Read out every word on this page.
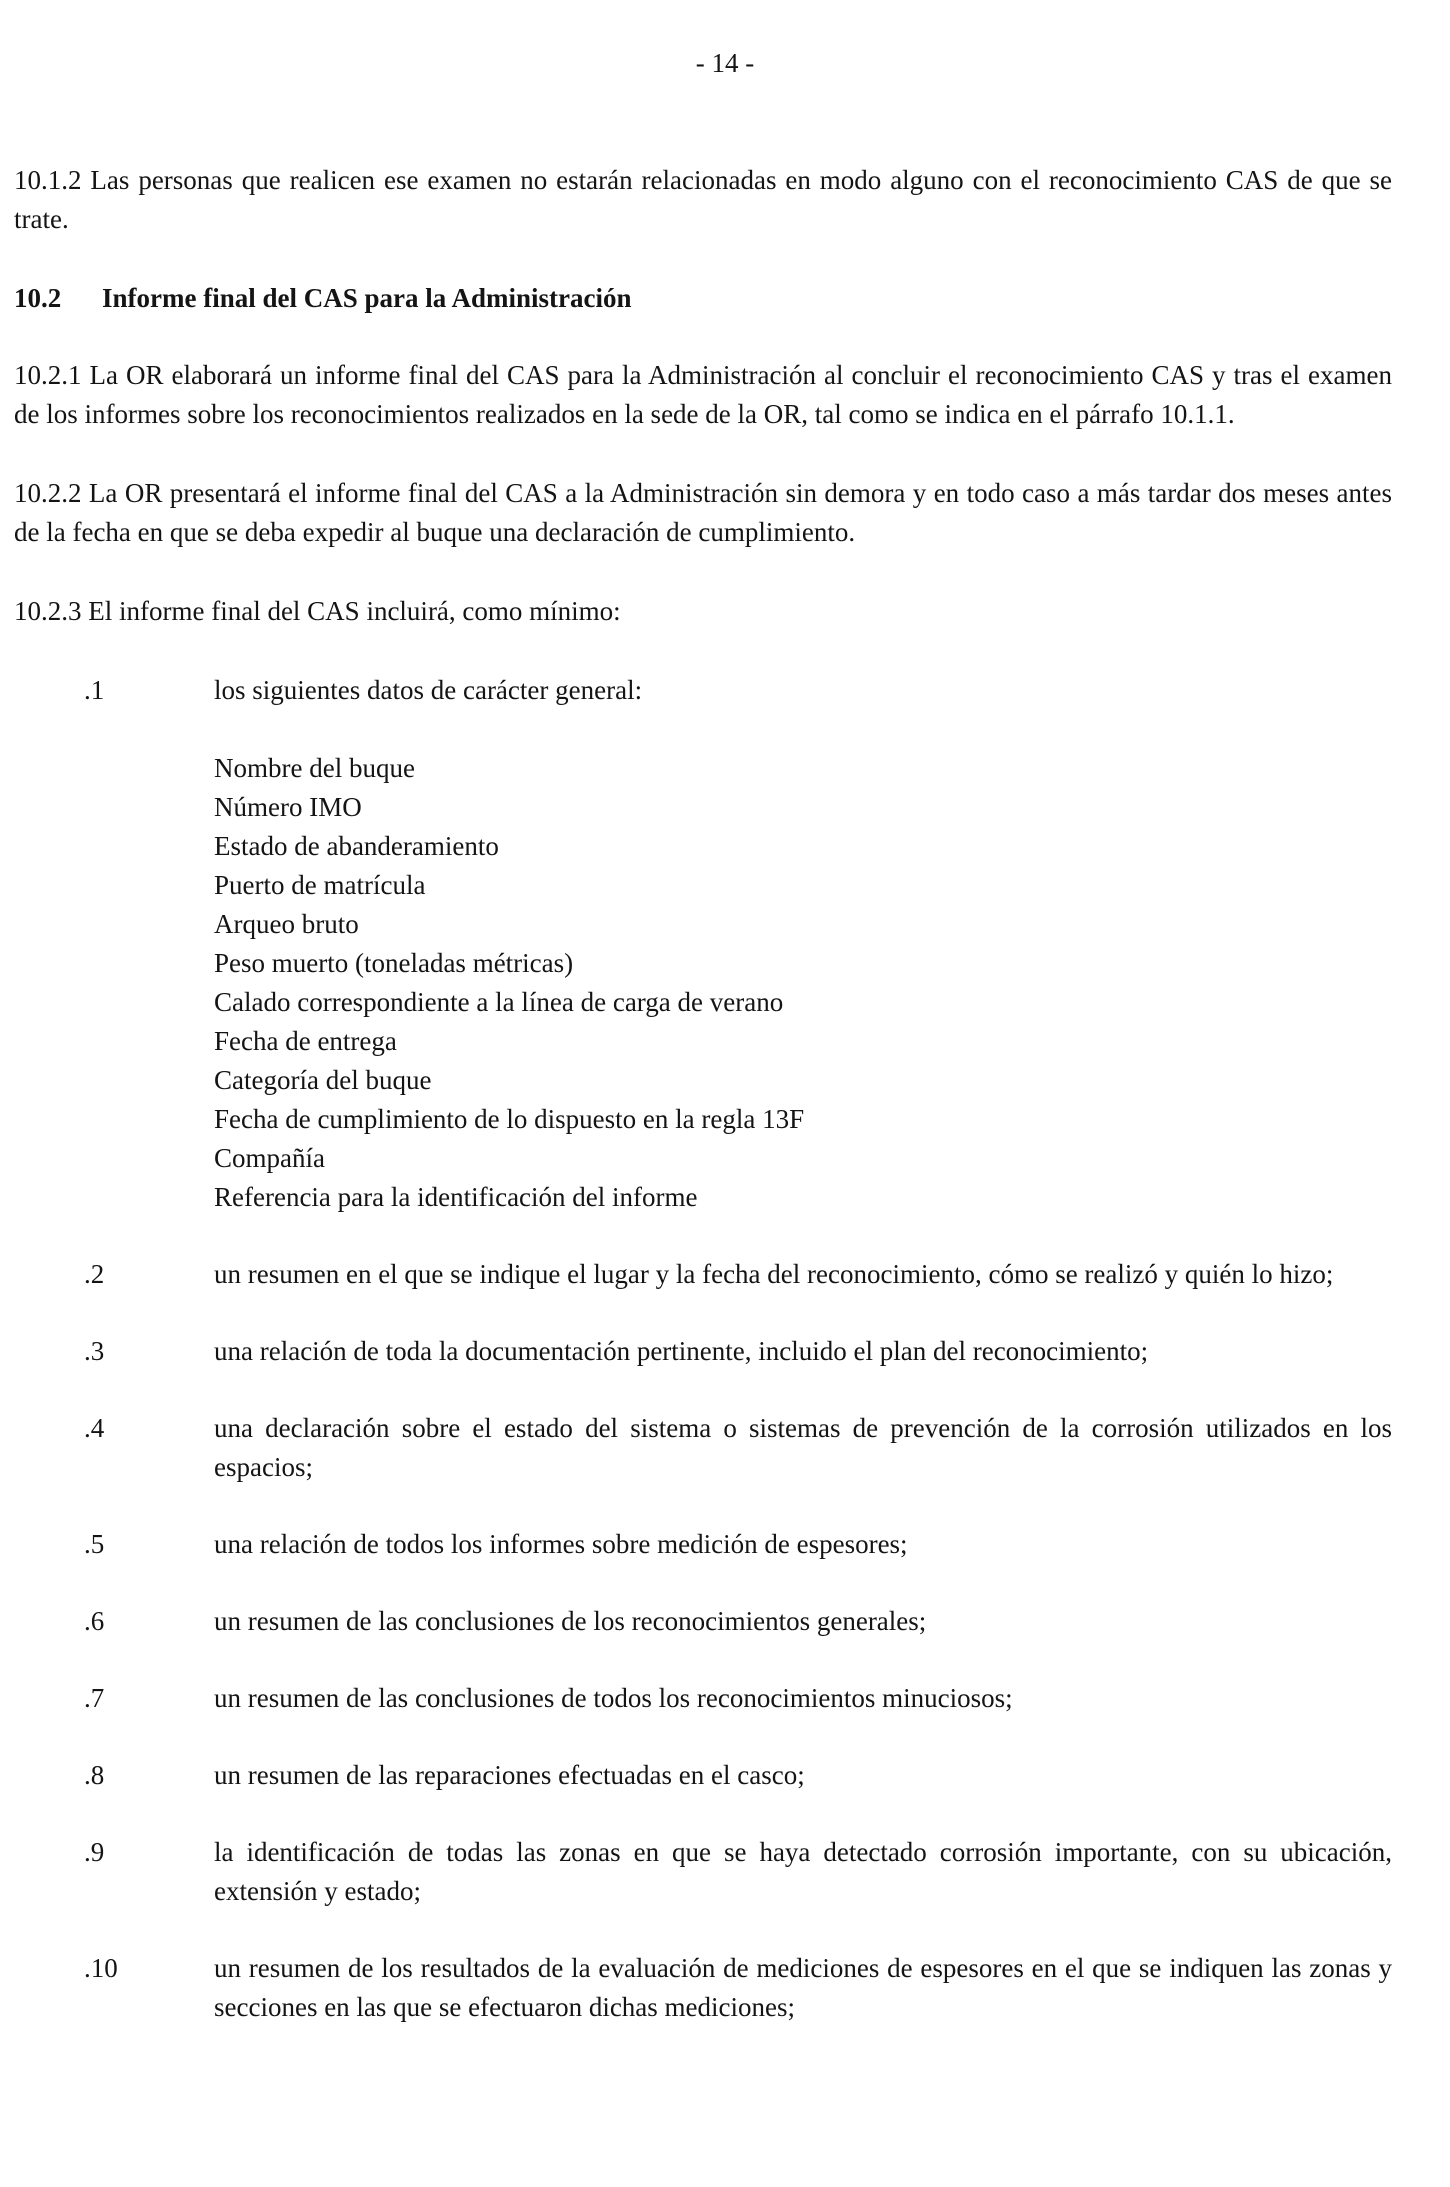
- 14 -

10.1.2 Las personas que realicen ese examen no estarán relacionadas en modo alguno con el reconocimiento CAS de que se trate.

10.2 Informe final del CAS para la Administración

10.2.1 La OR elaborará un informe final del CAS para la Administración al concluir el reconocimiento CAS y tras el examen de los informes sobre los reconocimientos realizados en la sede de la OR, tal como se indica en el párrafo 10.1.1.

10.2.2 La OR presentará el informe final del CAS a la Administración sin demora y en todo caso a más tardar dos meses antes de la fecha en que se deba expedir al buque una declaración de cumplimiento.

10.2.3 El informe final del CAS incluirá, como mínimo:

.1	los siguientes datos de carácter general:
Nombre del buque
Número IMO
Estado de abanderamiento
Puerto de matrícula
Arqueo bruto
Peso muerto (toneladas métricas)
Calado correspondiente a la línea de carga de verano
Fecha de entrega
Categoría del buque
Fecha de cumplimiento de lo dispuesto en la regla 13F
Compañía
Referencia para la identificación del informe
.2	un resumen en el que se indique el lugar y la fecha del reconocimiento, cómo se realizó y quién lo hizo;
.3	una relación de toda la documentación pertinente, incluido el plan del reconocimiento;
.4	una declaración sobre el estado del sistema o sistemas de prevención de la corrosión utilizados en los espacios;
.5	una relación de todos los informes sobre medición de espesores;
.6	un resumen de las conclusiones de los reconocimientos generales;
.7	un resumen de las conclusiones de todos los reconocimientos minuciosos;
.8	un resumen de las reparaciones efectuadas en el casco;
.9	la identificación de todas las zonas en que se haya detectado corrosión importante, con su ubicación, extensión y estado;
.10	un resumen de los resultados de la evaluación de mediciones de espesores en el que se indiquen las zonas y secciones en las que se efectuaron dichas mediciones;
